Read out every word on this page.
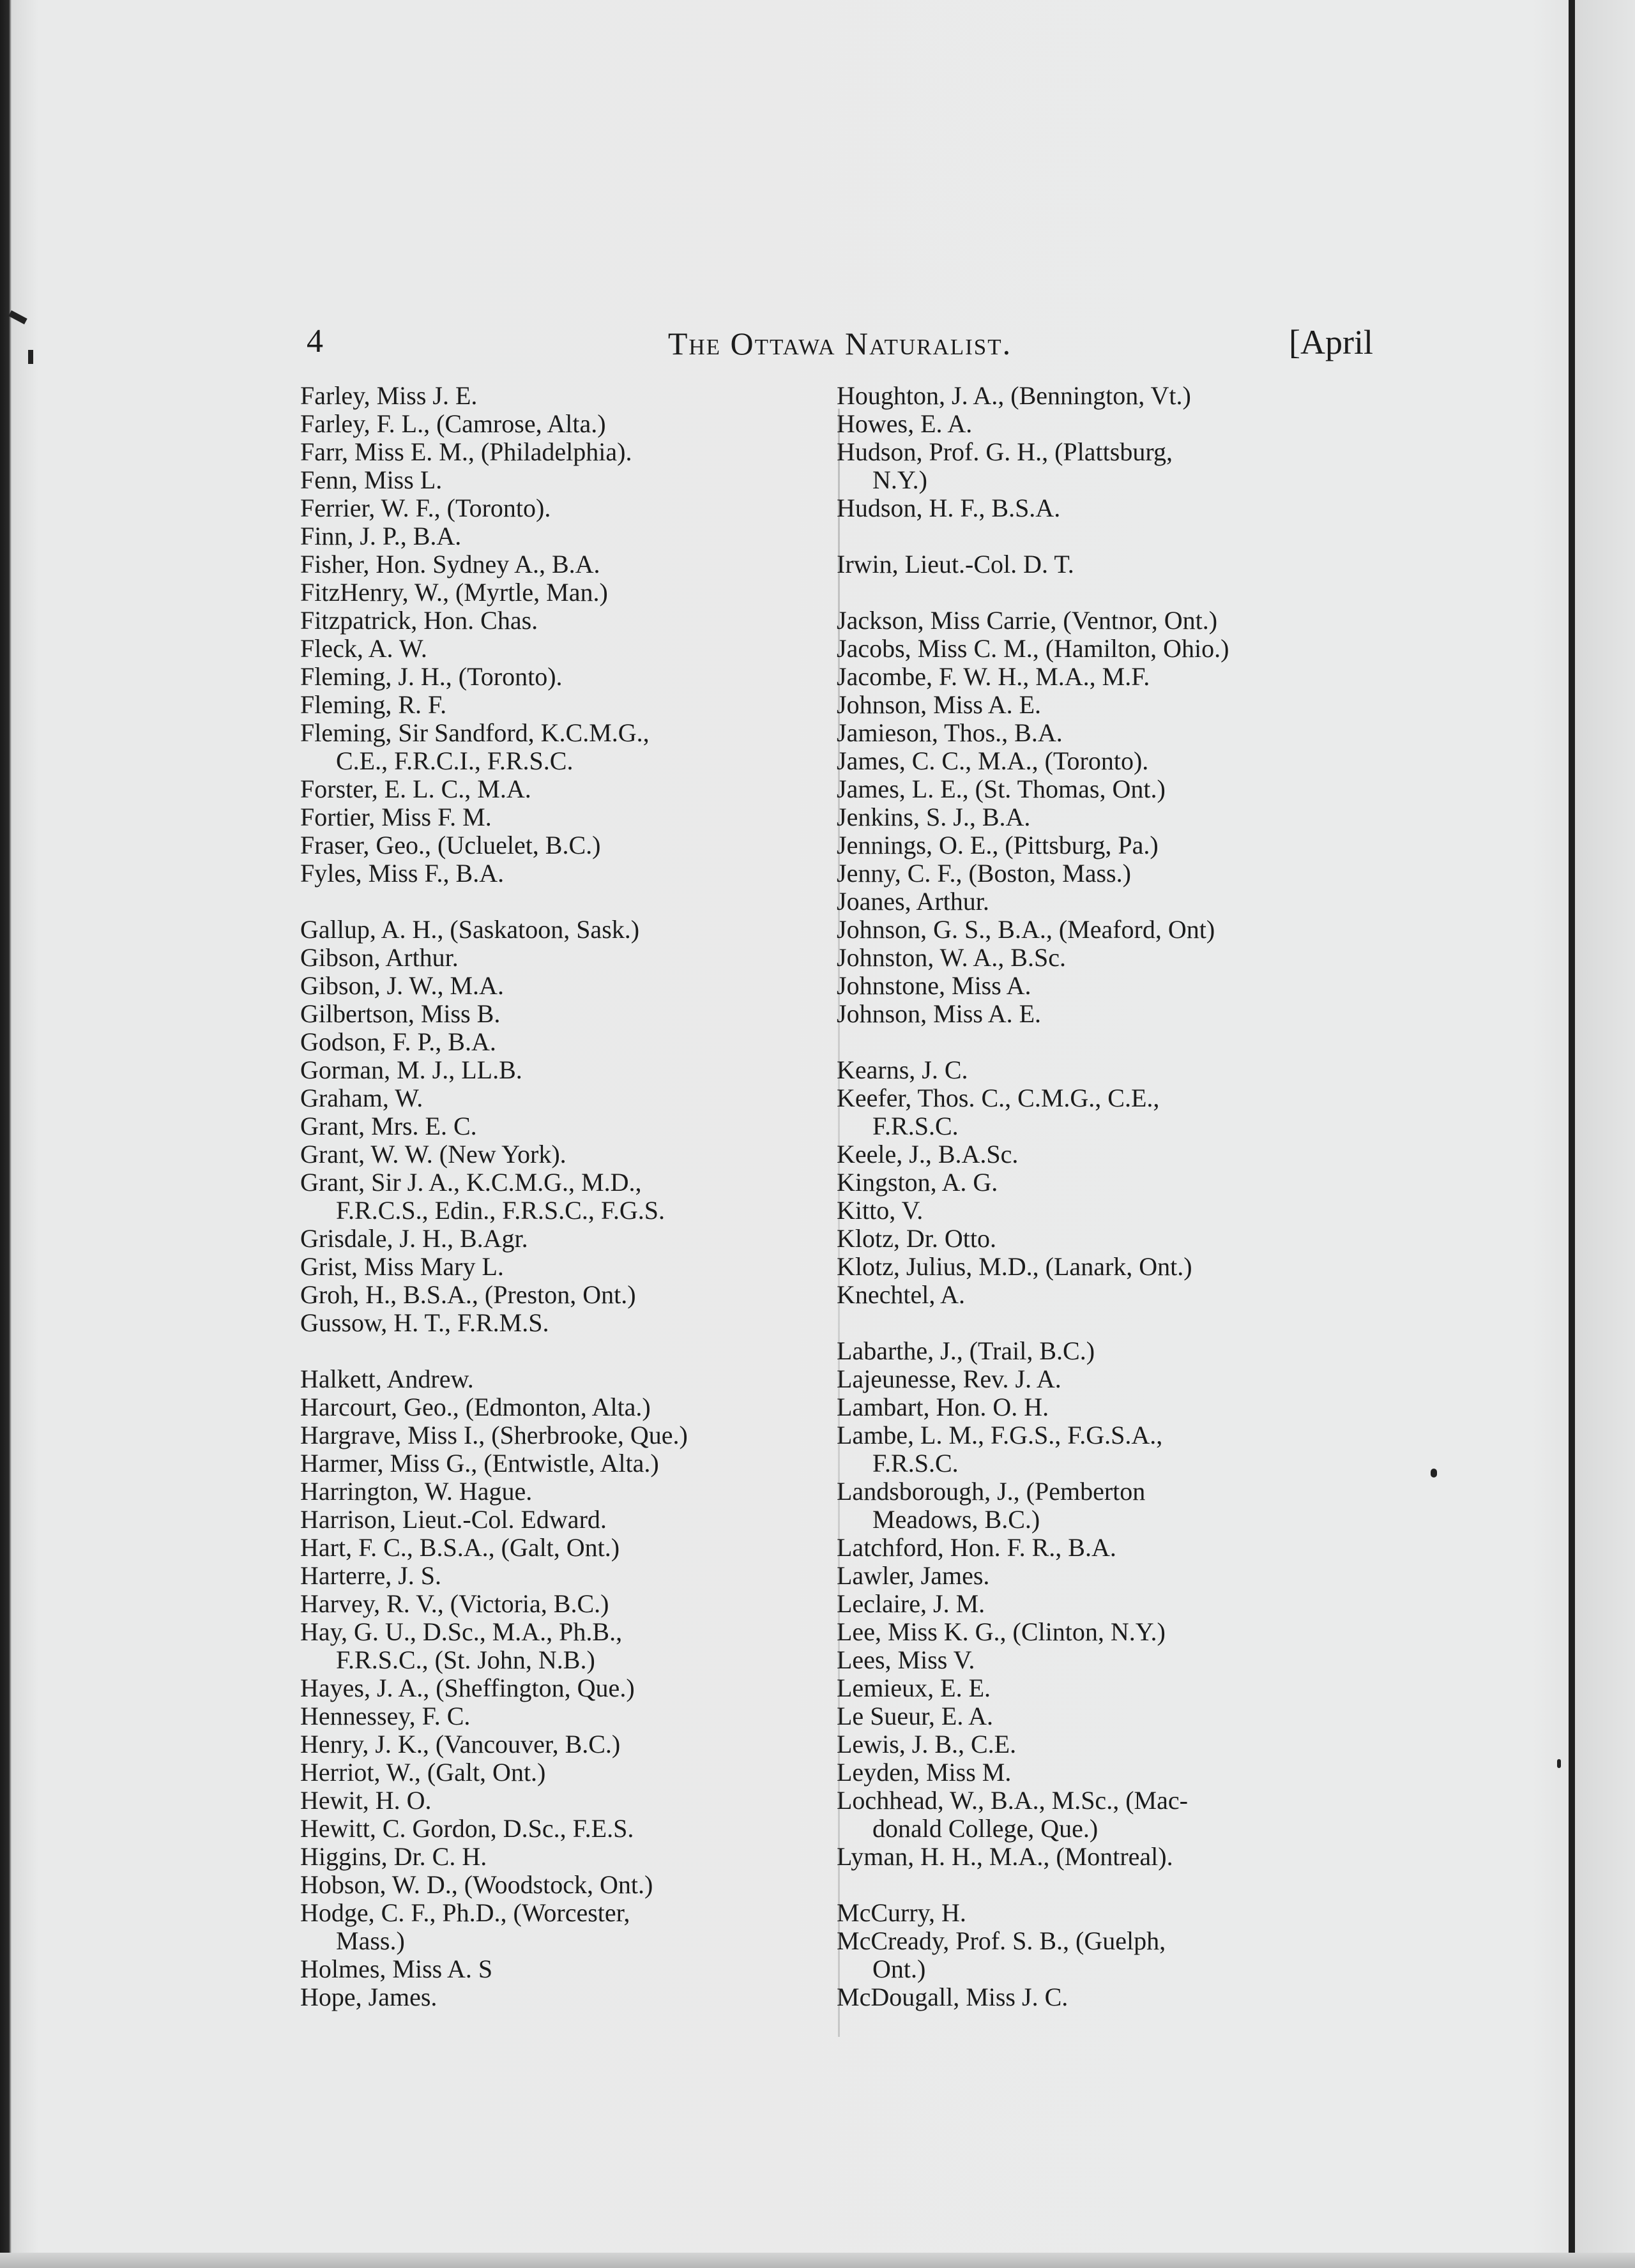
4	The Ottawa Naturalist.	[April
Farley, Miss J. E.
Farley, F. L., (Camrose, Alta.)
Farr, Miss E. M., (Philadelphia).
Fenn, Miss L.
Ferrier, W. F., (Toronto).
Finn, J. P., B.A.
Fisher, Hon. Sydney A., B.A.
FitzHenry, W., (Myrtle, Man.)
Fitzpatrick, Hon. Chas.
Fleck, A. W.
Fleming, J. H., (Toronto).
Fleming, R. F.
Fleming, Sir Sandford, K.C.M.G.,
C.E., F.R.C.I., F.R.S.C.
Forster, E. L. C., M.A.
Fortier, Miss F. M.
Fraser, Geo., (Ucluelet, B.C.)
Fyles, Miss F., B.A.
Gallup, A. H., (Saskatoon, Sask.)
Gibson, Arthur.
Gibson, J. W., M.A.
Gilbertson, Miss B.
Godson, F. P., B.A.
Gorman, M. J., LL.B.
Graham, W.
Grant, Mrs. E. C.
Grant, W. W. (New York).
Grant, Sir J. A., K.C.M.G., M.D.,
F.R.C.S., Edin., F.R.S.C., F.G.S.
Grisdale, J. H., B.Agr.
Grist, Miss Mary L.
Groh, H., B.S.A., (Preston, Ont.)
Gussow, H. T., F.R.M.S.
Halkett, Andrew.
Harcourt, Geo., (Edmonton, Alta.)
Hargrave, Miss I., (Sherbrooke, Que.)
Harmer, Miss G., (Entwistle, Alta.)
Harrington, W. Hague.
Harrison, Lieut.-Col. Edward.
Hart, F. C., B.S.A., (Galt, Ont.)
Harterre, J. S.
Harvey, R. V., (Victoria, B.C.)
Hay, G. U., D.Sc., M.A., Ph.B.,
F.R.S.C., (St. John, N.B.)
Hayes, J. A., (Sheffington, Que.)
Hennessey, F. C.
Henry, J. K., (Vancouver, B.C.)
Herriot, W., (Galt, Ont.)
Hewit, H. O.
Hewitt, C. Gordon, D.Sc., F.E.S.
Higgins, Dr. C. H.
Hobson, W. D., (Woodstock, Ont.)
Hodge, C. F., Ph.D., (Worcester,
Mass.)
Holmes, Miss A. S
Hope, James.
Houghton, J. A., (Bennington, Vt.)
Howes, E. A.
Hudson, Prof. G. H., (Plattsburg,
N.Y.)
Hudson, H. F., B.S.A.
Irwin, Lieut.-Col. D. T.
Jackson, Miss Carrie, (Ventnor, Ont.)
Jacobs, Miss C. M., (Hamilton, Ohio.)
Jacombe, F. W. H., M.A., M.F.
Johnson, Miss A. E.
Jamieson, Thos., B.A.
James, C. C., M.A., (Toronto).
James, L. E., (St. Thomas, Ont.)
Jenkins, S. J., B.A.
Jennings, O. E., (Pittsburg, Pa.)
Jenny, C. F., (Boston, Mass.)
Joanes, Arthur.
Johnson, G. S., B.A., (Meaford, Ont)
Johnston, W. A., B.Sc.
Johnstone, Miss A.
Johnson, Miss A. E.
Kearns, J. C.
Keefer, Thos. C., C.M.G., C.E.,
F.R.S.C.
Keele, J., B.A.Sc.
Kingston, A. G.
Kitto, V.
Klotz, Dr. Otto.
Klotz, Julius, M.D., (Lanark, Ont.)
Knechtel, A.
Labarthe, J., (Trail, B.C.)
Lajeunesse, Rev. J. A.
Lambart, Hon. O. H.
Lambe, L. M., F.G.S., F.G.S.A.,
F.R.S.C.
Landsborough, J., (Pemberton
Meadows, B.C.)
Latchford, Hon. F. R., B.A.
Lawler, James.
Leclaire, J. M.
Lee, Miss K. G., (Clinton, N.Y.)
Lees, Miss V.
Lemieux, E. E.
Le Sueur, E. A.
Lewis, J. B., C.E.
Leyden, Miss M.
Lochhead, W., B.A., M.Sc., (Mac-
donald College, Que.)
Lyman, H. H., M.A., (Montreal).
McCurry, H.
McCready, Prof. S. B., (Guelph,
Ont.)
McDougall, Miss J. C.
